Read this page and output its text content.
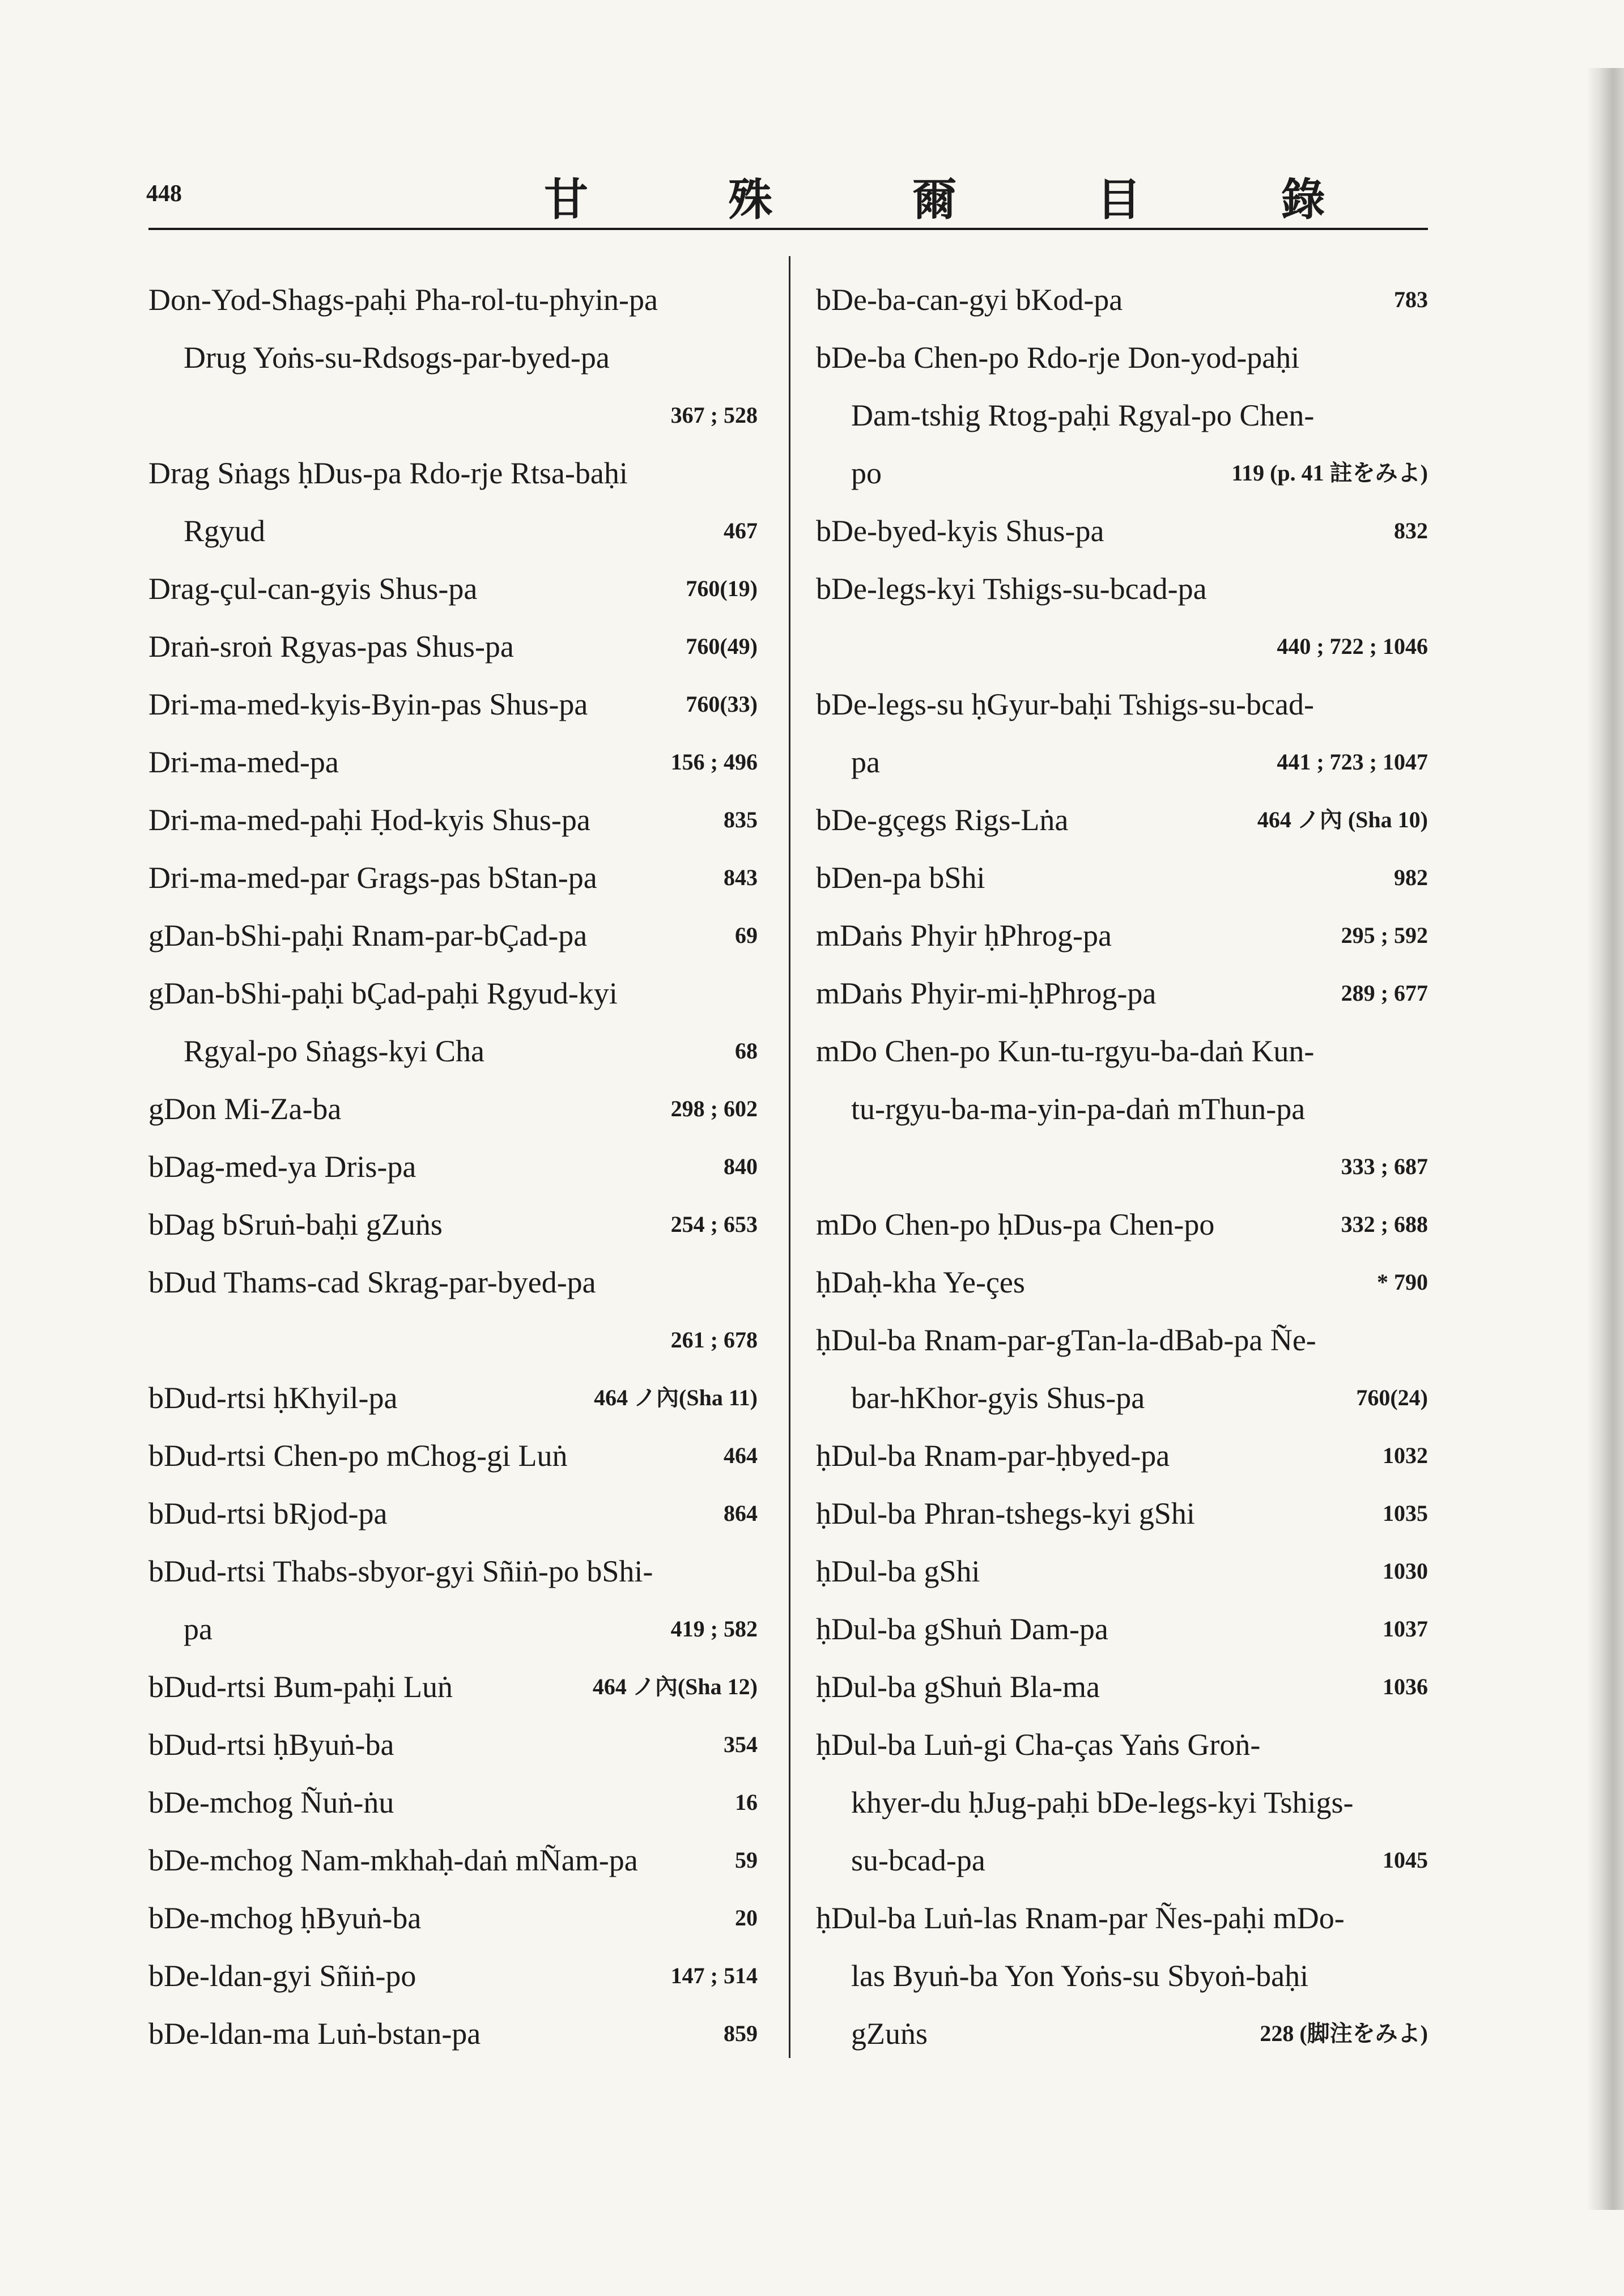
448	甘 殊 爾 目 錄
Don-Yod-Shags-paḥi Pha-rol-tu-phyin-pa
Drug Yoṅs-su-Rdsogs-par-byed-pa
367 ; 528
Drag Sṅags ḥDus-pa Rdo-rje Rtsa-baḥi
Rgyud	467
Drag-çul-can-gyis Shus-pa	760(19)
Draṅ-sroṅ Rgyas-pas Shus-pa	760(49)
Dri-ma-med-kyis-Byin-pas Shus-pa	760(33)
Dri-ma-med-pa	156 ; 496
Dri-ma-med-paḥi Ḥod-kyis Shus-pa	835
Dri-ma-med-par Grags-pas bStan-pa	843
gDan-bShi-paḥi Rnam-par-bÇad-pa	69
gDan-bShi-paḥi bÇad-paḥi Rgyud-kyi
Rgyal-po Sṅags-kyi Cha	68
gDon Mi-Za-ba	298 ; 602
bDag-med-ya Dris-pa	840
bDag bSruṅ-baḥi gZuṅs	254 ; 653
bDud Thams-cad Skrag-par-byed-pa
261 ; 678
bDud-rtsi ḥKhyil-pa	464 ノ內(Sha 11)
bDud-rtsi Chen-po mChog-gi Luṅ	464
bDud-rtsi bRjod-pa	864
bDud-rtsi Thabs-sbyor-gyi Sñiṅ-po bShi-
pa	419 ; 582
bDud-rtsi Bum-paḥi Luṅ	464 ノ內(Sha 12)
bDud-rtsi ḥByuṅ-ba	354
bDe-mchog Ñuṅ-ṅu	16
bDe-mchog Nam-mkhaḥ-daṅ mÑam-pa	59
bDe-mchog ḥByuṅ-ba	20
bDe-ldan-gyi Sñiṅ-po	147 ; 514
bDe-ldan-ma Luṅ-bstan-pa	859
bDe-ba-can-gyi bKod-pa	783
bDe-ba Chen-po Rdo-rje Don-yod-paḥi
Dam-tshig Rtog-paḥi Rgyal-po Chen-
po	119 (p. 41 註をみよ)
bDe-byed-kyis Shus-pa	832
bDe-legs-kyi Tshigs-su-bcad-pa
440 ; 722 ; 1046
bDe-legs-su ḥGyur-baḥi Tshigs-su-bcad-
pa	441 ; 723 ; 1047
bDe-gçegs Rigs-Lṅa	464 ノ內 (Sha 10)
bDen-pa bShi	982
mDaṅs Phyir ḥPhrog-pa	295 ; 592
mDaṅs Phyir-mi-ḥPhrog-pa	289 ; 677
mDo Chen-po Kun-tu-rgyu-ba-daṅ Kun-
tu-rgyu-ba-ma-yin-pa-daṅ mThun-pa
333 ; 687
mDo Chen-po ḥDus-pa Chen-po	332 ; 688
ḥDaḥ-kha Ye-çes	* 790
ḥDul-ba Rnam-par-gTan-la-dBab-pa Ñe-
bar-hKhor-gyis Shus-pa	760(24)
ḥDul-ba Rnam-par-ḥbyed-pa	1032
ḥDul-ba Phran-tshegs-kyi gShi	1035
ḥDul-ba gShi	1030
ḥDul-ba gShuṅ Dam-pa	1037
ḥDul-ba gShuṅ Bla-ma	1036
ḥDul-ba Luṅ-gi Cha-ças Yaṅs Groṅ-
khyer-du ḥJug-paḥi bDe-legs-kyi Tshigs-
su-bcad-pa	1045
ḥDul-ba Luṅ-las Rnam-par Ñes-paḥi mDo-
las Byuṅ-ba Yon Yoṅs-su Sbyoṅ-baḥi
gZuṅs	228 (脚注をみよ)
